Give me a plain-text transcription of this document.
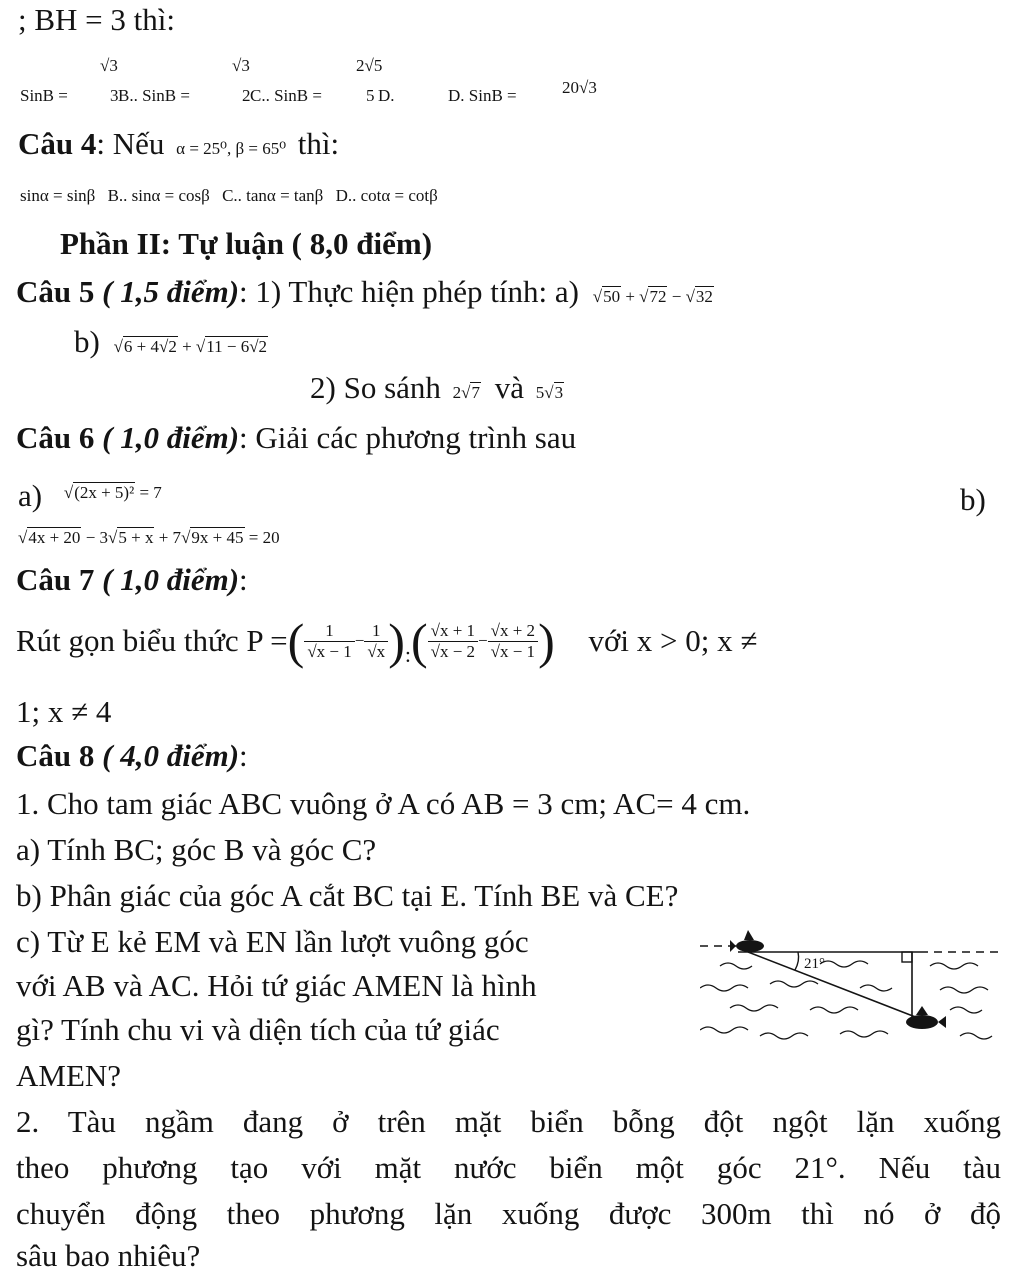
; BH = 3 thì:
SinB =
√3
3 B.. SinB =
√3
2 C.. SinB =
2√5
5 D.	D. SinB =	20√3
Câu 4: Nếu α = 25⁰, β = 65⁰ thì:
sinα = sinβ B.. sinα = cosβ C.. tanα = tanβ D.. cotα = cotβ
Phần II: Tự luận ( 8,0 điểm)
Câu 5 ( 1,5 điểm): 1) Thực hiện phép tính: a) √50 + √72 − √32
b) √6 + 4√2 + √11 − 6√2
2) So sánh 2√7 và 5√3
Câu 6 ( 1,0 điểm): Giải các phương trình sau
a) $^{√(2x + 5)^2 = 7}$	b)
√4x + 20 − 3√5 + x + 7√9x + 45 = 20
Câu 7 ( 1,0 điểm):
Rút gọn biểu thức P =( $\frac{1}{√x - 1} - \frac{1}{√x} )_:( \frac{√x + 1}{√x - 2} - \frac{√x + 2}{√x - 1}$ ) với x > 0; x ≠
1; x ≠ 4
Câu 8 ( 4,0 điểm):
1. Cho tam giác ABC vuông ở A có AB = 3 cm; AC= 4 cm.
a) Tính BC; góc B và góc C?
b) Phân giác của góc A cắt BC tại E. Tính BE và CE?
c) Từ E kẻ EM và EN lần lượt vuông góc
với AB và AC. Hỏi tứ giác AMEN là hình
gì? Tính chu vi và diện tích của tứ giác
AMEN?
2. Tàu ngầm đang ở trên mặt biển bỗng đột ngột lặn xuống
theo phương tạo với mặt nước biển một góc 21°. Nếu tàu
chuyển động theo phương lặn xuống được 300m thì nó ở độ
sâu bao nhiêu?
21°
